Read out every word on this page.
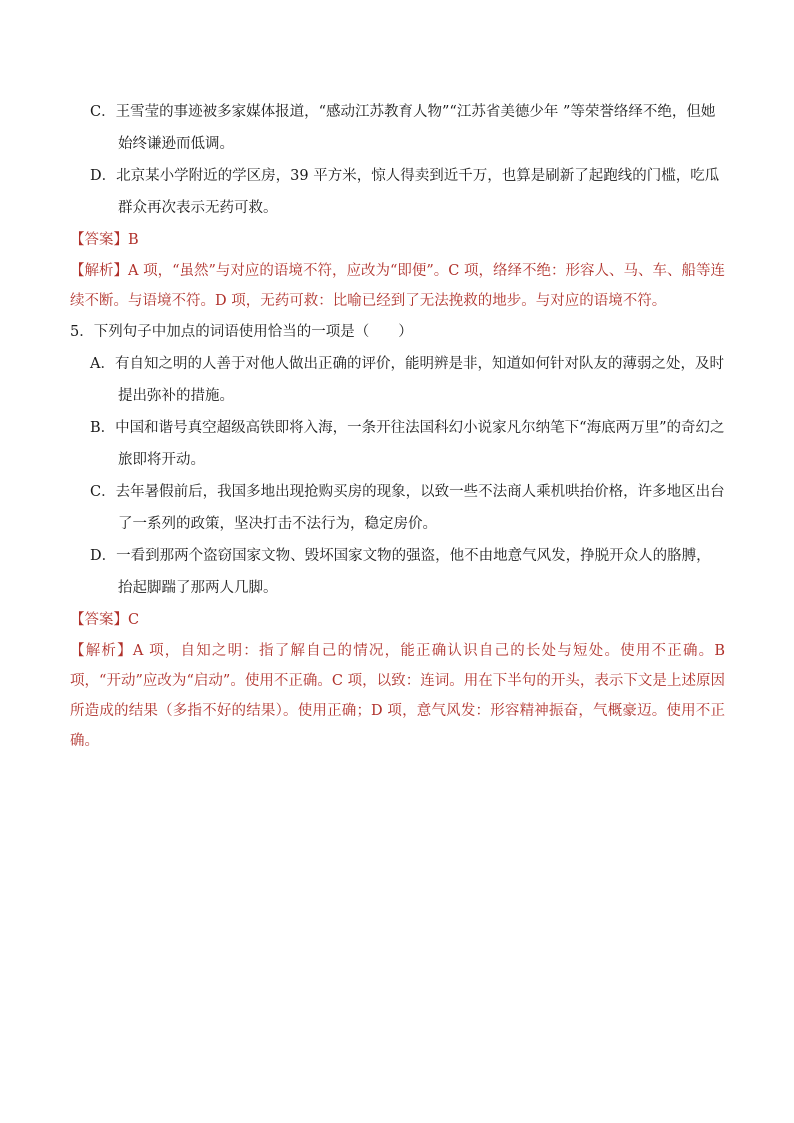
C．王雪莹的事迹被多家媒体报道，“感动江苏教育人物”“江苏省美德少年 ”等荣誉络绎不绝，但她始终谦逊而低调。

D．北京某小学附近的学区房，39 平方米，惊人得卖到近千万，也算是刷新了起跑线的门槛，吃瓜群众再次表示无药可救。

【答案】B

【解析】A 项，“虽然”与对应的语境不符，应改为“即便”。C 项，络绎不绝：形容人、马、车、船等连续不断。与语境不符。D 项，无药可救：比喻已经到了无法挽救的地步。与对应的语境不符。

5．下列句子中加点的词语使用恰当的一项是（　　）

A．有自知之明的人善于对他人做出正确的评价，能明辨是非，知道如何针对队友的薄弱之处，及时提出弥补的措施。

B．中国和谐号真空超级高铁即将入海，一条开往法国科幻小说家凡尔纳笔下“海底两万里”的奇幻之旅即将开动。

C．去年暑假前后，我国多地出现抢购买房的现象，以致一些不法商人乘机哄抬价格，许多地区出台了一系列的政策，坚决打击不法行为，稳定房价。

D．一看到那两个盗窃国家文物、毁坏国家文物的强盗，他不由地意气风发，挣脱开众人的胳膊，抬起脚踹了那两人几脚。

【答案】C

【解析】A 项，自知之明：指了解自己的情况，能正确认识自己的长处与短处。使用不正确。B 项，“开动”应改为“启动”。使用不正确。C 项，以致：连词。用在下半句的开头，表示下文是上述原因所造成的结果（多指不好的结果）。使用正确；D 项，意气风发：形容精神振奋，气概豪迈。使用不正确。
